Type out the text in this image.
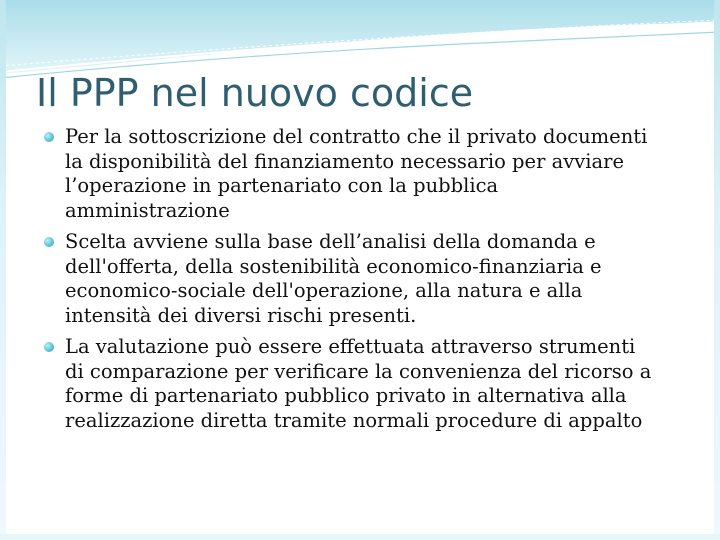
Il PPP nel nuovo codice
Per la sottoscrizione del contratto che il privato documenti
la disponibilità del finanziamento necessario per avviare
l’operazione in partenariato con la pubblica
amministrazione
Scelta avviene sulla base dell’analisi della domanda e
dell'offerta, della sostenibilità economico-finanziaria e
economico-sociale dell'operazione, alla natura e alla
intensità dei diversi rischi presenti.
La valutazione può essere effettuata attraverso strumenti
di comparazione per verificare la convenienza del ricorso a
forme di partenariato pubblico privato in alternativa alla
realizzazione diretta tramite normali procedure di appalto
